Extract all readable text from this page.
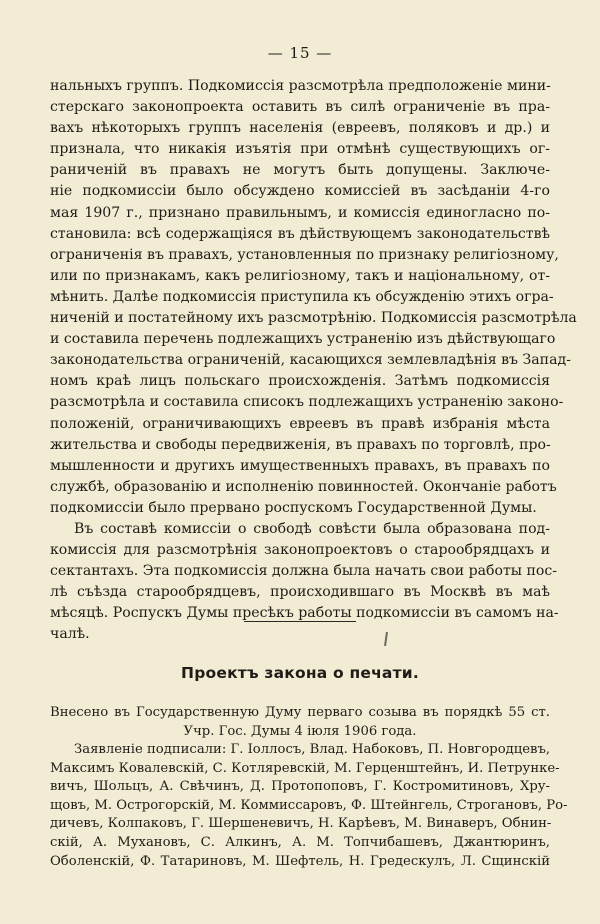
— 15 —
нальныхъ группъ. Подкомиссія разсмотрѣла предположеніе мини-
стерскаго законопроекта оставить въ силѣ ограниченіе въ пра-
вахъ нѣкоторыхъ группъ населенія (евреевъ, поляковъ и др.) и
признала, что никакія изъятія при отмѣнѣ существующихъ ог-
раниченій въ правахъ не могутъ быть допущены. Заключе-
ніе подкомиссіи было обсуждено комиссіей въ засѣданіи 4-го
мая 1907 г., признано правильнымъ, и комиссія единогласно по-
становила: всѣ содержащіяся въ дѣйствующемъ законодательствѣ
ограниченія въ правахъ, установленныя по признаку религіозному,
или по признакамъ, какъ религіозному, такъ и національному, от-
мѣнить. Далѣе подкомиссія приступила къ обсужденію этихъ огра-
ниченій и постатейному ихъ разсмотрѣнію. Подкомиссія разсмотрѣла
и составила перечень подлежащихъ устраненію изъ дѣйствующаго
законодательства ограниченій, касающихся землевладѣнія въ Запад-
номъ краѣ лицъ польскаго происхожденія. Затѣмъ подкомиссія
разсмотрѣла и составила списокъ подлежащихъ устраненію законо-
положеній, ограничивающихъ евреевъ въ правѣ избранія мѣста
жительства и свободы передвиженія, въ правахъ по торговлѣ, про-
мышленности и другихъ имущественныхъ правахъ, въ правахъ по
службѣ, образованію и исполненію повинностей. Окончаніе работъ
подкомиссіи было прервано роспускомъ Государственной Думы.
Въ составѣ комиссіи о свободѣ совѣсти была образована под-
комиссія для разсмотрѣнія законопроектовъ о старообрядцахъ и
сектантахъ. Эта подкомиссія должна была начать свои работы пос-
лѣ съѣзда старообрядцевъ, происходившаго въ Москвѣ въ маѣ
мѣсяцѣ. Роспускъ Думы пресѣкъ работы подкомиссіи въ самомъ на-
чалѣ.
Проектъ закона о печати.
Внесено въ Государственную Думу перваго созыва въ порядкѣ 55 ст.
Учр. Гос. Думы 4 іюля 1906 года.
Заявленіе подписали: Г. Іоллосъ, Влад. Набоковъ, П. Новгородцевъ,
Максимъ Ковалевскій, С. Котляревскій, М. Герценштейнъ, И. Петрунке-
вичъ, Шольцъ, А. Свѣчинъ, Д. Протопоповъ, Г. Костромитиновъ, Хру-
щовъ, М. Острогорскій, М. Коммиссаровъ, Ф. Штейнгель, Строгановъ, Ро-
дичевъ, Колпаковъ, Г. Шершеневичъ, Н. Карѣевъ, М. Винаверъ, Обнин-
скій, А. Мухановъ, С. Алкинъ, А. М. Топчибашевъ, Джантюринъ,
Оболенскій, Ф. Татариновъ, М. Шефтель, Н. Гредескулъ, Л. Сщинскій
